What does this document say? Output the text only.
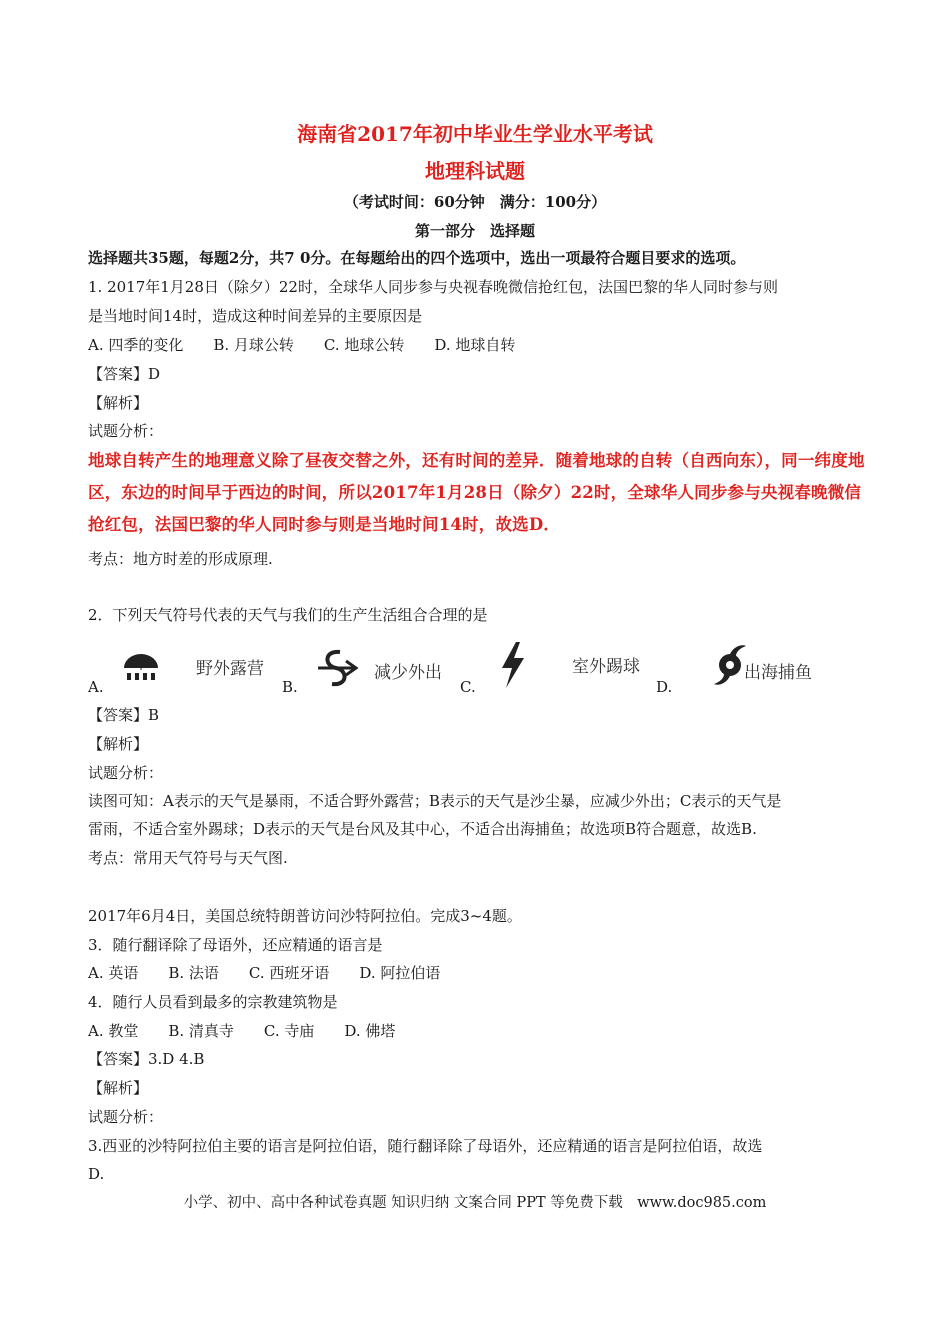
海南省2017年初中毕业生学业水平考试
地理科试题
（考试时间：60分钟　满分：100分）
第一部分　选择题
选择题共35题，每题2分，共7 0分。在每题给出的四个选项中，选出一项最符合题目要求的选项。
1. 2017年1月28日（除夕）22时，全球华人同步参与央视春晚微信抢红包，法国巴黎的华人同时参与则
是当地时间14时，造成这种时间差异的主要原因是
A. 四季的变化　　B. 月球公转　　C. 地球公转　　D. 地球自转
【答案】D
【解析】
试题分析：
地球自转产生的地理意义除了昼夜交替之外，还有时间的差异．随着地球的自转（自西向东），同一纬度地
区，东边的时间早于西边的时间，所以2017年1月28日（除夕）22时，全球华人同步参与央视春晚微信
抢红包，法国巴黎的华人同时参与则是当地时间14时，故选D．
考点：地方时差的形成原理.
2．下列天气符号代表的天气与我们的生产生活组合合理的是
A.
野外露营
B.
减少外出
C.
室外踢球
D.
出海捕鱼
【答案】B
【解析】
试题分析：
读图可知：A表示的天气是暴雨，不适合野外露营；B表示的天气是沙尘暴，应减少外出；C表示的天气是
雷雨，不适合室外踢球；D表示的天气是台风及其中心，不适合出海捕鱼；故选项B符合题意，故选B.
考点：常用天气符号与天气图.
2017年6月4日，美国总统特朗普访问沙特阿拉伯。完成3~4题。
3．随行翻译除了母语外，还应精通的语言是
A. 英语　　B. 法语　　C. 西班牙语　　D. 阿拉伯语
4．随行人员看到最多的宗教建筑物是
A. 教堂　　B. 清真寺　　C. 寺庙　　D. 佛塔
【答案】3.D 4.B
【解析】
试题分析：
3.西亚的沙特阿拉伯主要的语言是阿拉伯语，随行翻译除了母语外，还应精通的语言是阿拉伯语，故选
D.
小学、初中、高中各种试卷真题 知识归纳 文案合同 PPT 等免费下载　www.doc985.com
